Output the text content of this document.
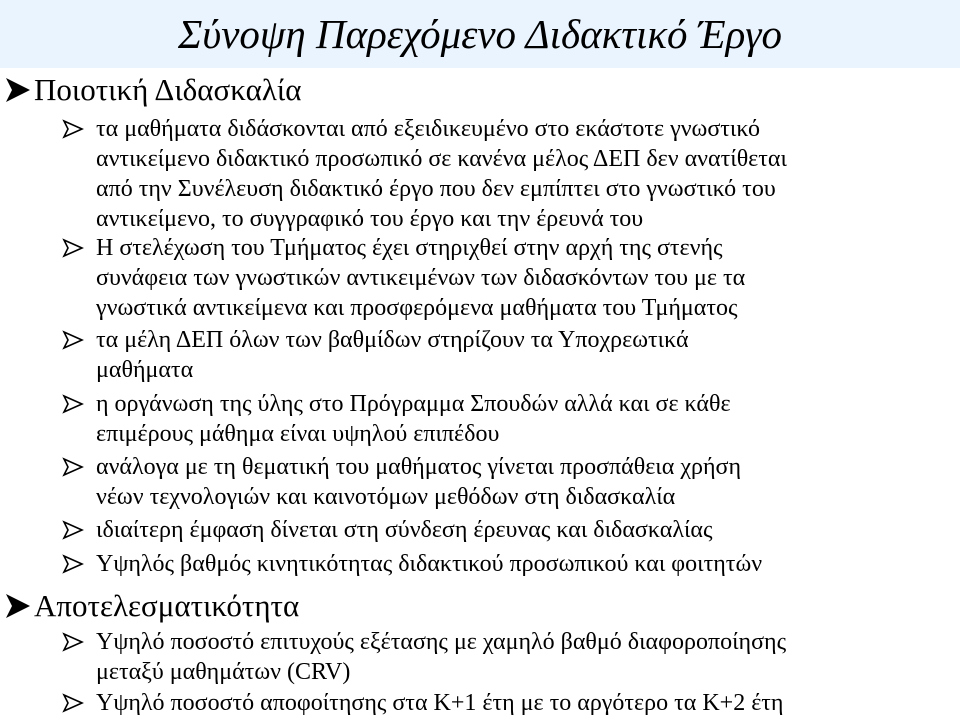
Σύνοψη Παρεχόμενο Διδακτικό Έργο
Ποιοτική Διδασκαλία
τα μαθήματα διδάσκονται από εξειδικευμένο στο εκάστοτε γνωστικό
αντικείμενο διδακτικό προσωπικό σε κανένα μέλος ΔΕΠ δεν ανατίθεται
από την Συνέλευση διδακτικό έργο που δεν εμπίπτει στο γνωστικό του
αντικείμενο, το συγγραφικό του έργο και την έρευνά του
Η στελέχωση του Τμήματος έχει στηριχθεί στην αρχή της στενής
συνάφεια των γνωστικών αντικειμένων των διδασκόντων του με τα
γνωστικά αντικείμενα και προσφερόμενα μαθήματα του Τμήματος
τα μέλη ΔΕΠ όλων των βαθμίδων στηρίζουν τα Υποχρεωτικά
μαθήματα
η οργάνωση της ύλης στο Πρόγραμμα Σπουδών αλλά και σε κάθε
επιμέρους μάθημα είναι υψηλού επιπέδου
ανάλογα με τη θεματική του μαθήματος γίνεται προσπάθεια χρήση
νέων τεχνολογιών και καινοτόμων μεθόδων στη διδασκαλία
ιδιαίτερη έμφαση δίνεται στη σύνδεση έρευνας και διδασκαλίας
Υψηλός βαθμός κινητικότητας διδακτικού προσωπικού και φοιτητών
Αποτελεσματικότητα
Υψηλό ποσοστό επιτυχούς εξέτασης με χαμηλό βαθμό διαφοροποίησης
μεταξύ μαθημάτων (CRV)
Υψηλό ποσοστό αποφοίτησης στα Κ+1 έτη με το αργότερο τα Κ+2 έτη
